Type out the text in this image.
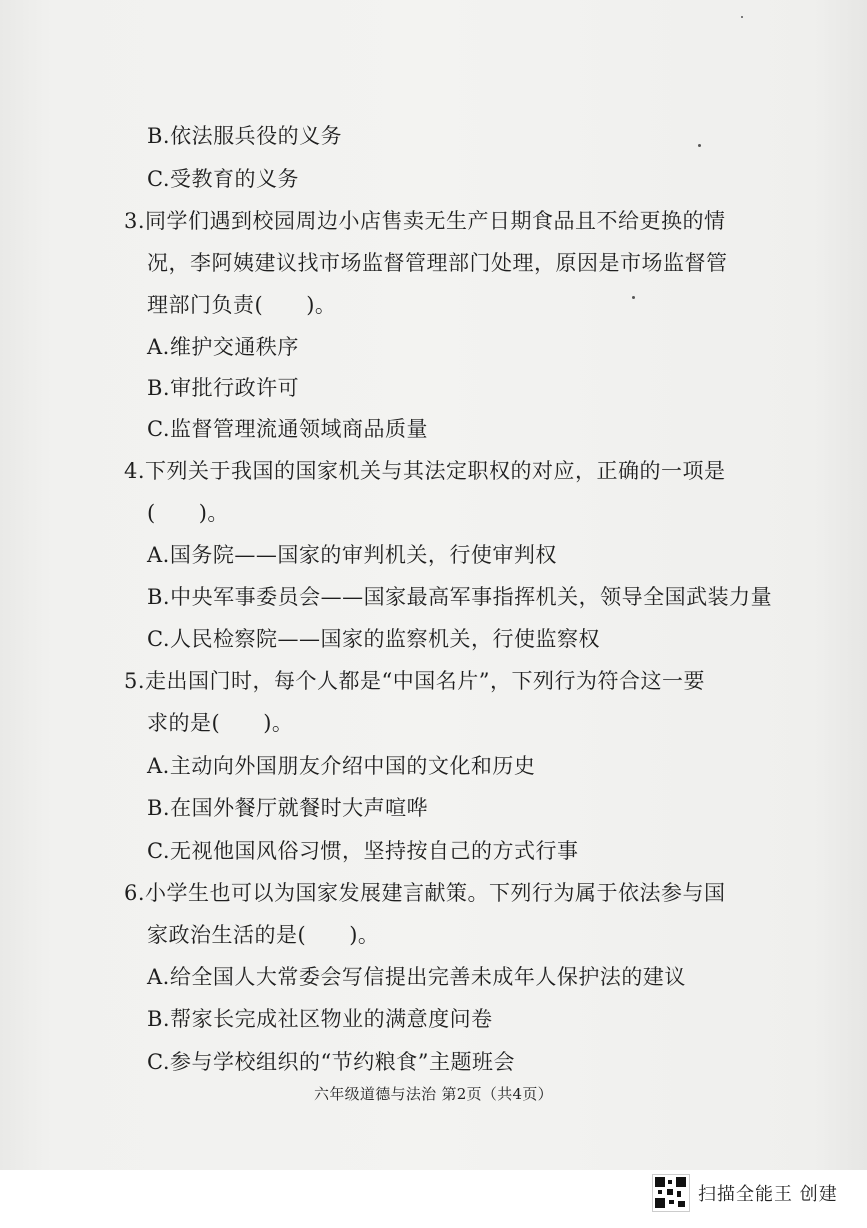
B.依法服兵役的义务
C.受教育的义务
3.同学们遇到校园周边小店售卖无生产日期食品且不给更换的情
况，李阿姨建议找市场监督管理部门处理，原因是市场监督管
理部门负责(　　)。
A.维护交通秩序
B.审批行政许可
C.监督管理流通领域商品质量
4.下列关于我国的国家机关与其法定职权的对应，正确的一项是
(　　)。
A.国务院——国家的审判机关，行使审判权
B.中央军事委员会——国家最高军事指挥机关，领导全国武装力量
C.人民检察院——国家的监察机关，行使监察权
5.走出国门时，每个人都是“中国名片”，下列行为符合这一要
求的是(　　)。
A.主动向外国朋友介绍中国的文化和历史
B.在国外餐厅就餐时大声喧哗
C.无视他国风俗习惯，坚持按自己的方式行事
6.小学生也可以为国家发展建言献策。下列行为属于依法参与国
家政治生活的是(　　)。
A.给全国人大常委会写信提出完善未成年人保护法的建议
B.帮家长完成社区物业的满意度问卷
C.参与学校组织的“节约粮食”主题班会
六年级道德与法治 第2页（共4页）
扫描全能王 创建
